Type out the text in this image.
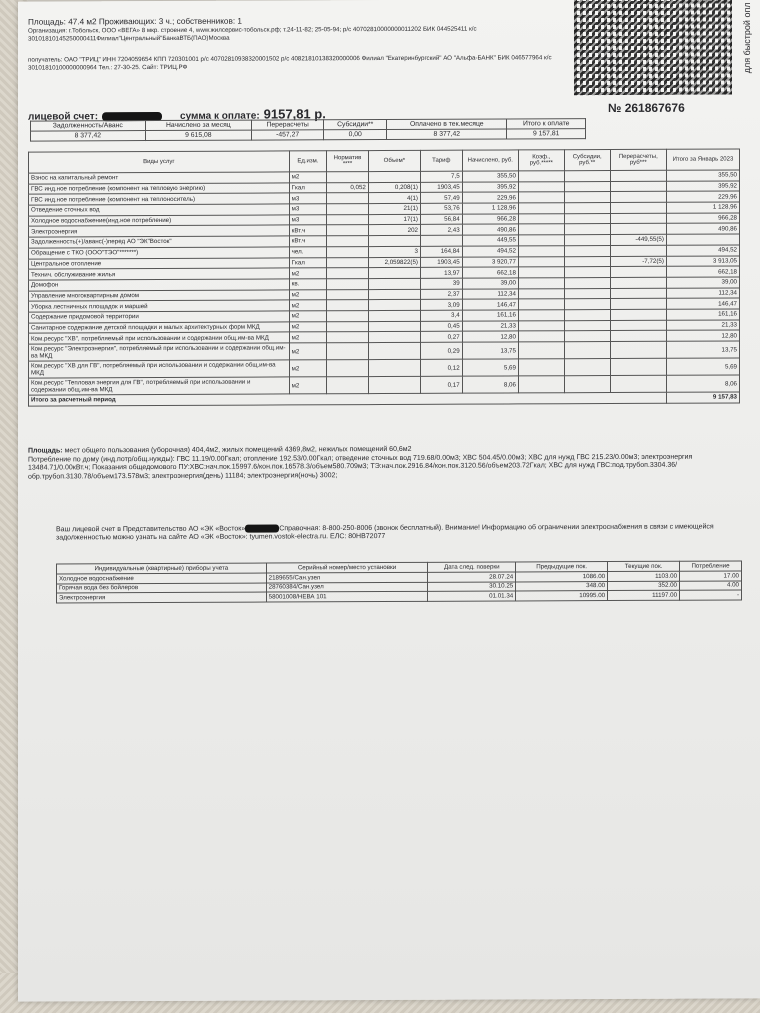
для быстрой опл
Площадь: 47.4 м2 Проживающих: 3 ч.; собственников: 1
Организация: г.Тобольск, ООО «ВЕГА» 8 мкр. строение 4, www.жилсервис-тобольск.рф; т.24-11-82; 25-05-94; р/с 40702810000000011202 БИК 044525411 к/с 30101810145250000411Филиал"Центральный"БанкаВТБ(ПАО)Москва
получатель: ОАО "ТРИЦ" ИНН 7204059654 КПП 720301001 р/с 40702810938320001502 р/с 40821810138320000006 Филиал "Екатеринбургский" АО "Альфа-БАНК" БИК 046577964 к/с 30101810100000000964 Тел.: 27-30-25. Сайт: ТРИЦ.РФ
лицевой счет:	сумма к оплате: 9157,81 р.	№ 261867676
Задолженность/Аванс	Начислено за месяц	Перерасчеты	Субсидии**	Оплачено в тек.месяце	Итого к оплате
8 377,42	9 615,08	-457,27	0,00	8 377,42	9 157,81
Виды услуг	Ед.изм.	Норматив ****	Объем*	Тариф	Начислено, руб.	Коэф., руб.*****	Субсидии, руб.**	Перерасчеты, руб***	Итого за Январь 2023
Взнос на капитальный ремонт	м2			7,5	355,50				355,50
ГВС инд.ное потребление (компонент на тепловую энергию)	Гкал	0,052	0,208(1)	1903,45	395,92				395,92
ГВС инд.ное потребление (компонент на теплоноситель)	м3		4(1)	57,49	229,96				229,96
Отведение сточных вод	м3		21(1)	53,76	1 128,96				1 128,96
Холодное водоснабжение(инд.ное потребление)	м3		17(1)	56,84	966,28				966,28
Электроэнергия	кВт.ч		202	2,43	490,86				490,86
Задолженность(+)/аванс(-)перед АО "ЭК"Восток"	кВт.ч				449,55			-449,55(5)	
Обращение с ТКО (ООО"ТЭО"*******)	чел.		3	164,84	494,52				494,52
Центральное отопление	Гкал		2,059822(5)	1903,45	3 920,77			-7,72(5)	3 913,05
Технич. обслуживание жилья	м2			13,97	662,18				662,18
Домофон	кв.			39	39,00				39,00
Управление многоквартирным домом	м2			2,37	112,34				112,34
Уборка лестничных площадок и маршей	м2			3,09	146,47				146,47
Содержание придомовой территории	м2			3,4	161,16				161,16
Санитарное содержание детской площадки и малых архитектурных форм МКД	м2			0,45	21,33				21,33
Ком.ресурс "ХВ", потребляемый при использовании и содержании общ.им-ва МКД	м2			0,27	12,80				12,80
Ком.ресурс "Электроэнергия", потребляемый при использовании и содержании общ.им-ва МКД	м2			0,29	13,75				13,75
Ком.ресурс "ХВ для ГВ", потребляемый при использовании и содержании общ.им-ва МКД	м2			0,12	5,69				5,69
Ком.ресурс "Тепловая энергия для ГВ", потребляемый при использовании и содержании общ.им-ва МКД	м2			0,17	8,06				8,06
Итого за расчетный период									9 157,83
Площадь: мест общего пользования (уборочная) 404,4м2, жилых помещений 4369,8м2, нежилых помещений 60,6м2
Потребление по дому (инд.потр/общ.нужды): ГВС 11.19/0.00Гкал; отопление 192.53/0.00Гкал; отведение сточных вод 719.68/0.00м3; ХВС 504.45/0.00м3; ХВС для нужд ГВС 215.23/0.00м3; электроэнергия 13484.71/0.00кВт.ч; Показания общедомового ПУ:ХВС:нач.пок.15997.6/кон.пок.16578.3/объем580.709м3; ТЭ:нач.пок.2916.84/кон.пок.3120.56/объем203.72Гкал; ХВС для нужд ГВС:под.трубоп.3304.36/обр.трубоп.3130.78/объем173.578м3; электроэнергия(день) 11184; электроэнергия(ночь) 3002;
Ваш лицевой счет в Представительство АО «ЭК «Восток»	Справочная: 8-800-250-8006 (звонок бесплатный). Внимание! Информацию об ограничении электроснабжения в связи с имеющейся задолженностью можно узнать на сайте АО «ЭК «Восток»: tyumen.vostok-electra.ru. ЕЛС: 80НВ72077
Индивидуальные (квартирные) приборы учета	Серийный номер/место установки	Дата след. поверки	Предыдущие пок.	Текущие пок.	Потребление
Холодное водоснабжение	2189655/Сан.узел	28.07.24	1086.00	1103.00	17.00
Горячая вода без бойлеров	28760384/Сан.узел	30.10.25	348.00	352.00	4.00
Электроэнергия	58001008/НЕВА 101	01.01.34	10995.00	11197.00	-
